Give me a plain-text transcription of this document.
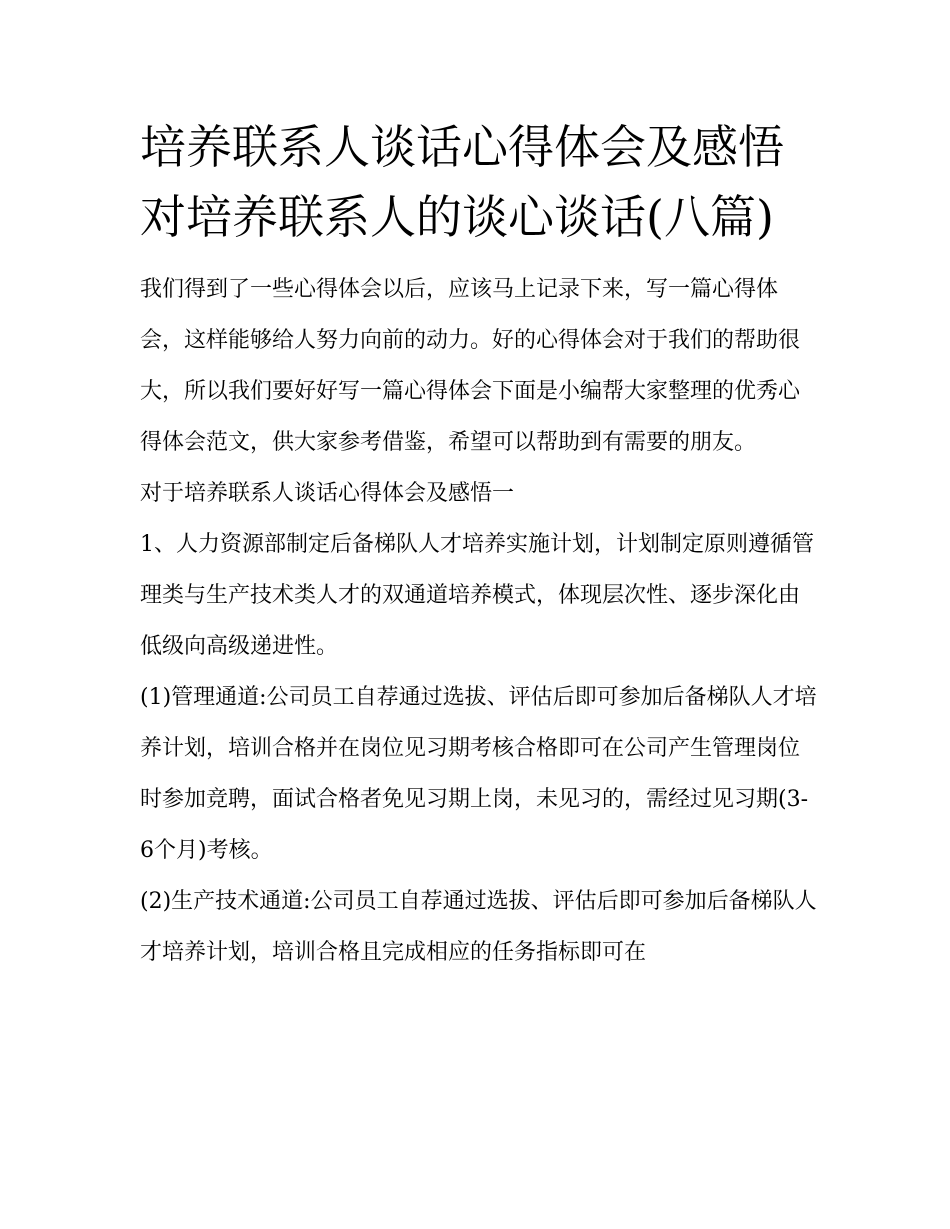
培养联系人谈话心得体会及感悟 对培养联系人的谈心谈话(八篇)

我们得到了一些心得体会以后，应该马上记录下来，写一篇心得体会，这样能够给人努力向前的动力。好的心得体会对于我们的帮助很大，所以我们要好好写一篇心得体会下面是小编帮大家整理的优秀心得体会范文，供大家参考借鉴，希望可以帮助到有需要的朋友。

对于培养联系人谈话心得体会及感悟一

1、人力资源部制定后备梯队人才培养实施计划，计划制定原则遵循管理类与生产技术类人才的双通道培养模式，体现层次性、逐步深化由低级向高级递进性。

(1)管理通道:公司员工自荐通过选拔、评估后即可参加后备梯队人才培养计划，培训合格并在岗位见习期考核合格即可在公司产生管理岗位时参加竞聘，面试合格者免见习期上岗，未见习的，需经过见习期(3-6个月)考核。

(2)生产技术通道:公司员工自荐通过选拔、评估后即可参加后备梯队人才培养计划，培训合格且完成相应的任务指标即可在
